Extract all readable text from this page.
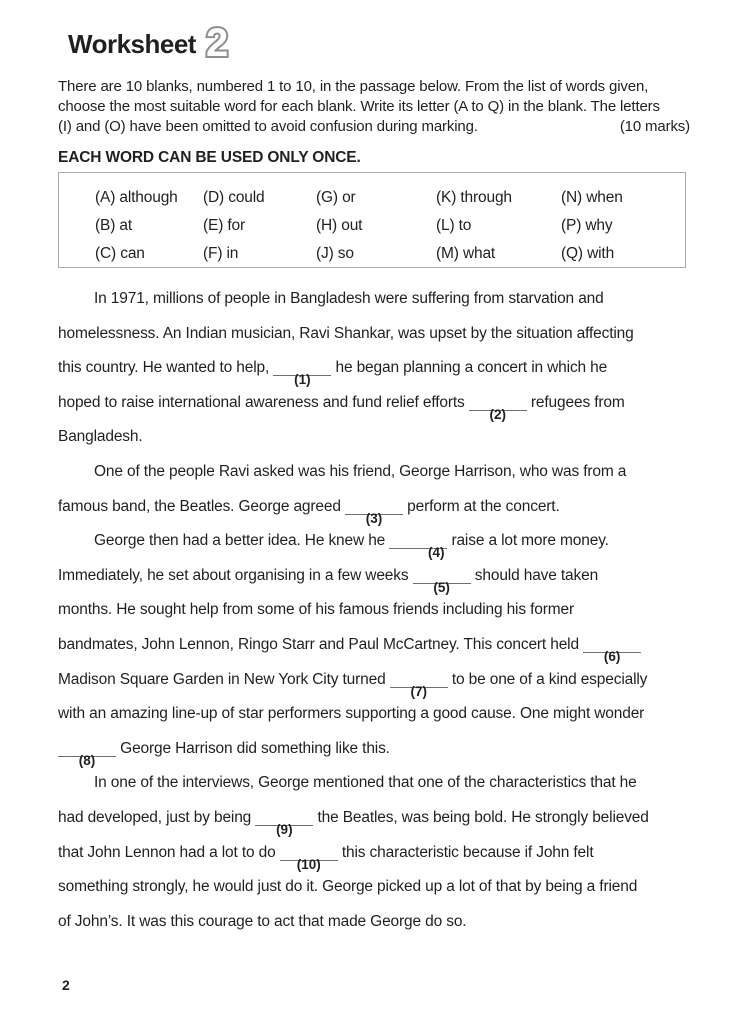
Worksheet 2
There are 10 blanks, numbered 1 to 10, in the passage below. From the list of words given,
choose the most suitable word for each blank. Write its letter (A to Q) in the blank. The letters
(I) and (O) have been omitted to avoid confusion during marking.	(10 marks)
EACH WORD CAN BE USED ONLY ONCE.
(A) although
(B) at
(C) can
(D) could
(E) for
(F) in
(G) or
(H) out
(J) so
(K) through
(L) to
(M) what
(N) when
(P) why
(Q) with
In 1971, millions of people in Bangladesh were suffering from starvation and
homelessness. An Indian musician, Ravi Shankar, was upset by the situation affecting
this country. He wanted to help,
(1)
he began planning a concert in which he
hoped to raise international awareness and fund relief efforts
(2)
refugees from
Bangladesh.
One of the people Ravi asked was his friend, George Harrison, who was from a
famous band, the Beatles. George agreed
(3)
perform at the concert.
George then had a better idea. He knew he
(4)
raise a lot more money.
Immediately, he set about organising in a few weeks
(5)
should have taken
months. He sought help from some of his famous friends including his former
bandmates, John Lennon, Ringo Starr and Paul McCartney. This concert held
(6)
Madison Square Garden in New York City turned
(7)
to be one of a kind especially
with an amazing line-up of star performers supporting a good cause. One might wonder
(8)
George Harrison did something like this.
In one of the interviews, George mentioned that one of the characteristics that he
had developed, just by being
(9)
the Beatles, was being bold. He strongly believed
that John Lennon had a lot to do
(10)
this characteristic because if John felt
something strongly, he would just do it. George picked up a lot of that by being a friend
of John’s. It was this courage to act that made George do so.
2
